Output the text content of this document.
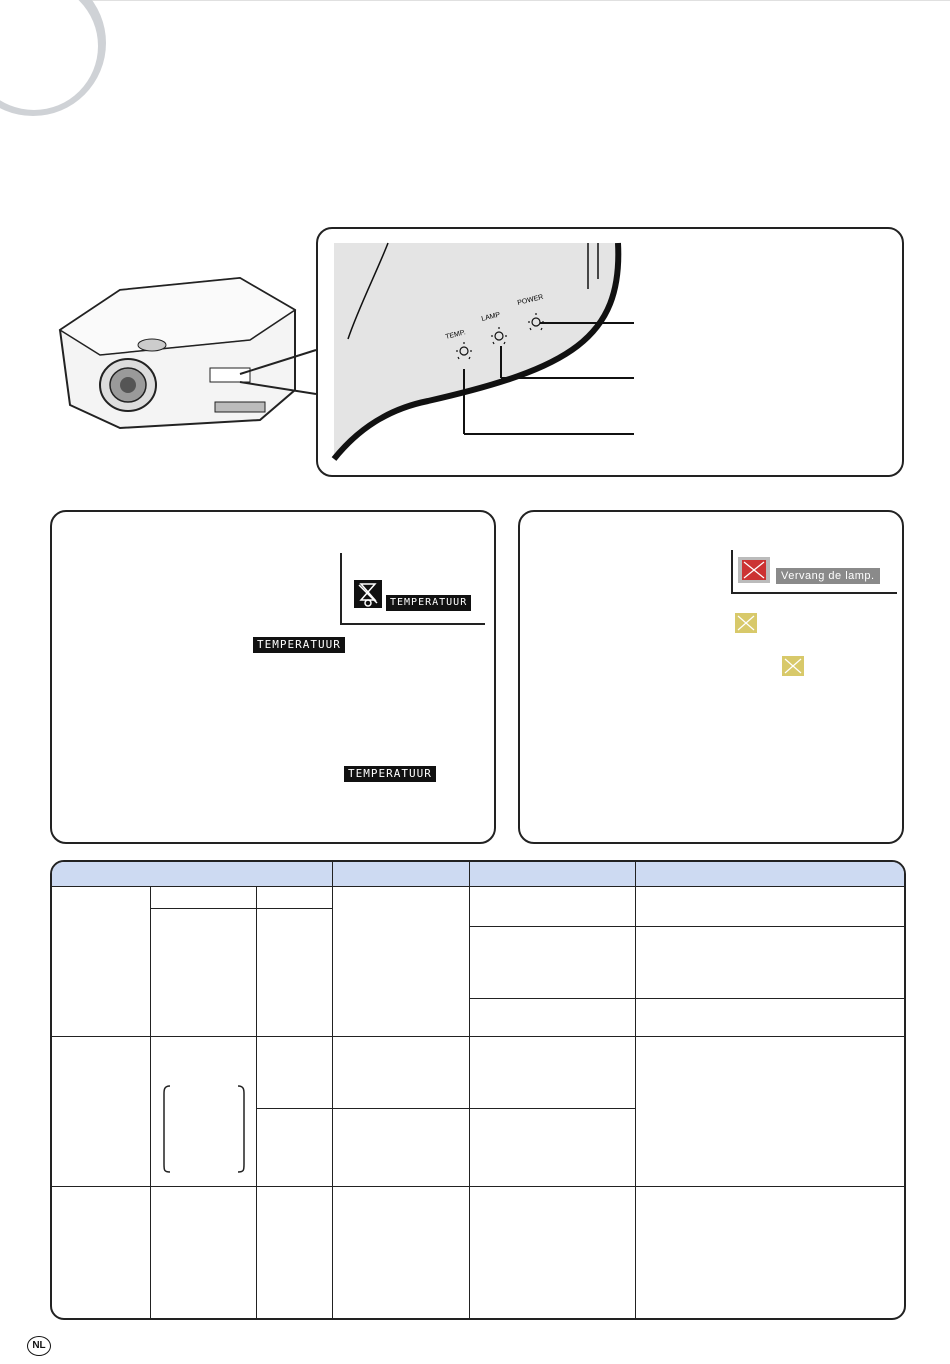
POWER
LAMP
TEMP.
TEMPERATUUR
TEMPERATUUR
TEMPERATUUR
Vervang de lamp.
NL
